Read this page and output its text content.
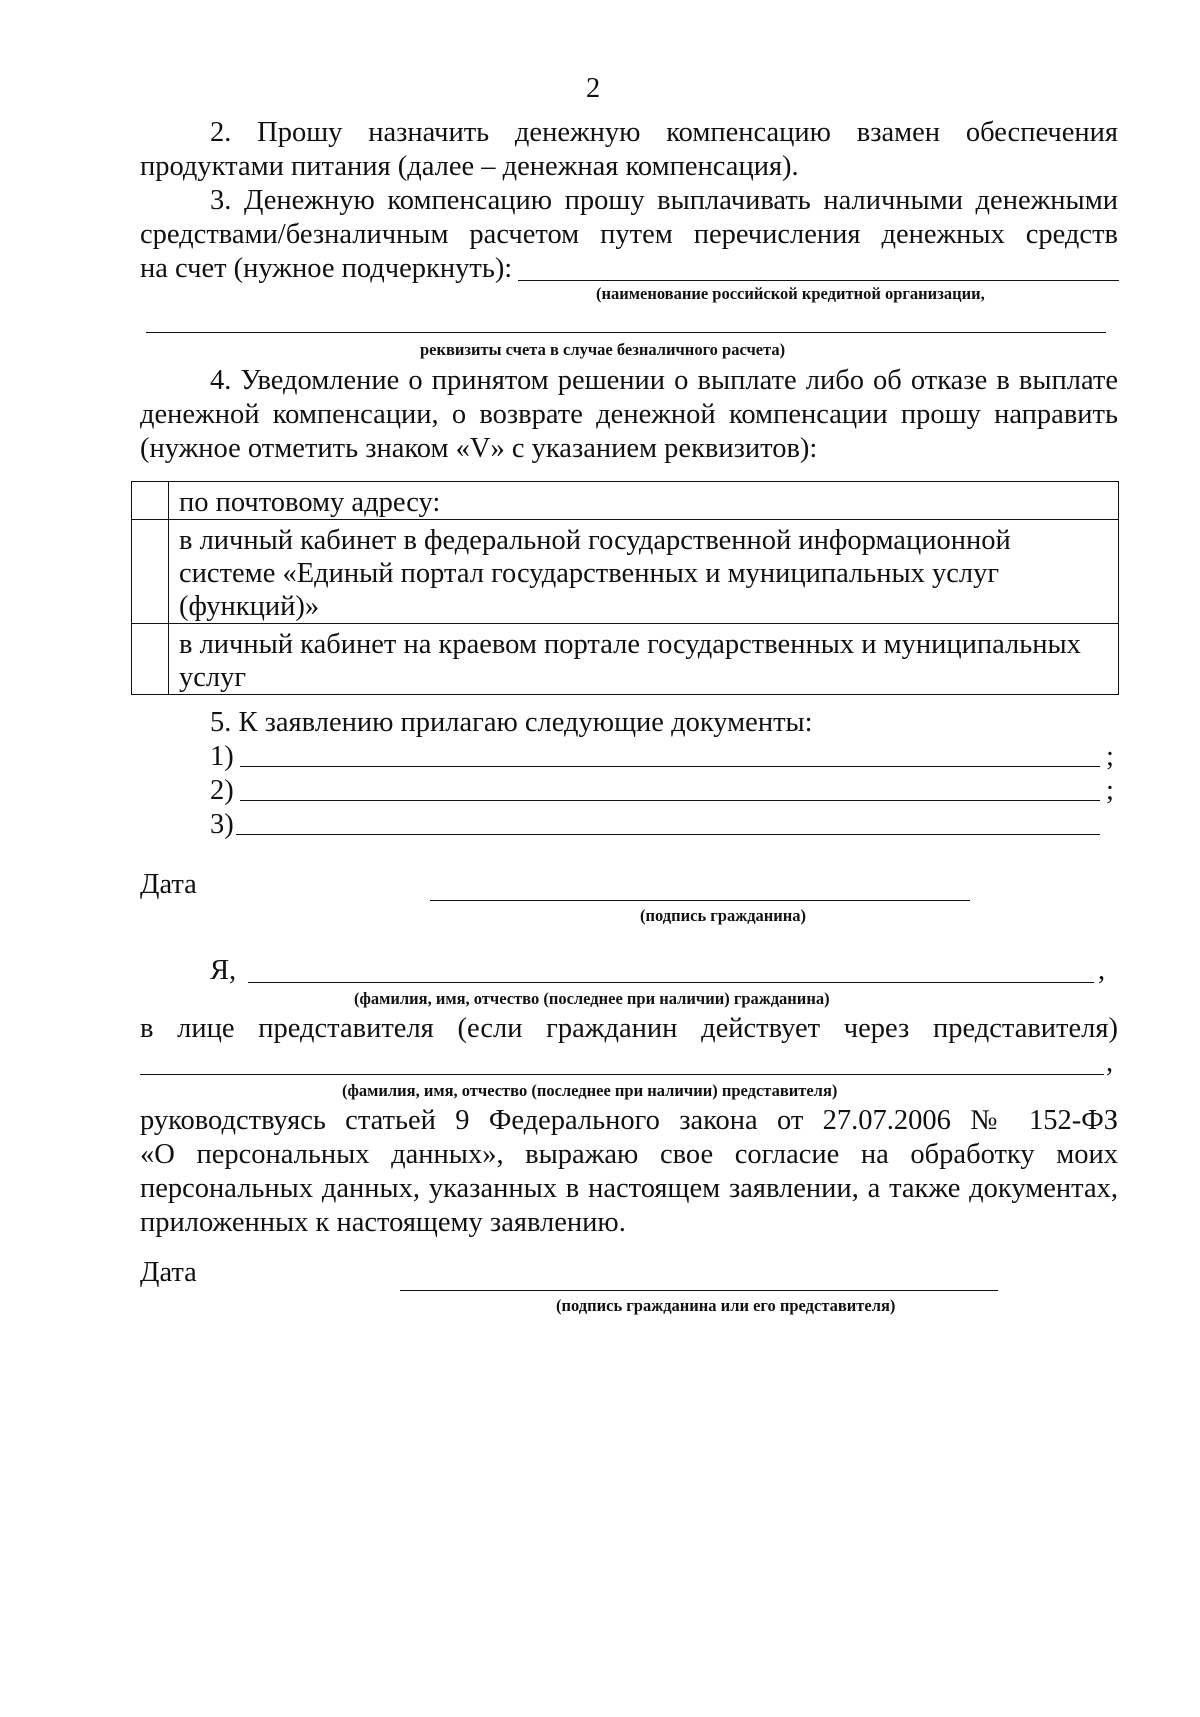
2
2. Прошу назначить денежную компенсацию взамен обеспечения
продуктами питания (далее – денежная компенсация).
3. Денежную компенсацию прошу выплачивать наличными денежными
средствами/безналичным расчетом путем перечисления денежных средств
на счет (нужное подчеркнуть):
(наименование российской кредитной организации,
реквизиты счета в случае безналичного расчета)
4. Уведомление о принятом решении о выплате либо об отказе в выплате
денежной компенсации, о возврате денежной компенсации прошу направить
(нужное отметить знаком «V» с указанием реквизитов):

	по почтовому адресу:

	в личный кабинет в федеральной государственной информационной
системе «Единый портал государственных и муниципальных услуг
(функций)»

	в личный кабинет на краевом портале государственных и муниципальных
услуг
5. К заявлению прилагаю следующие документы:
1)	;
2)	;
3)
Дата
(подпись гражданина)
Я,	,
(фамилия, имя, отчество (последнее при наличии) гражданина)
в лице представителя (если гражданин действует через представителя)
,
(фамилия, имя, отчество (последнее при наличии) представителя)
руководствуясь статьей 9 Федерального закона от 27.07.2006 № 152-ФЗ
«О персональных данных», выражаю свое согласие на обработку моих
персональных данных, указанных в настоящем заявлении, а также документах,
приложенных к настоящему заявлению.
Дата
(подпись гражданина или его представителя)
